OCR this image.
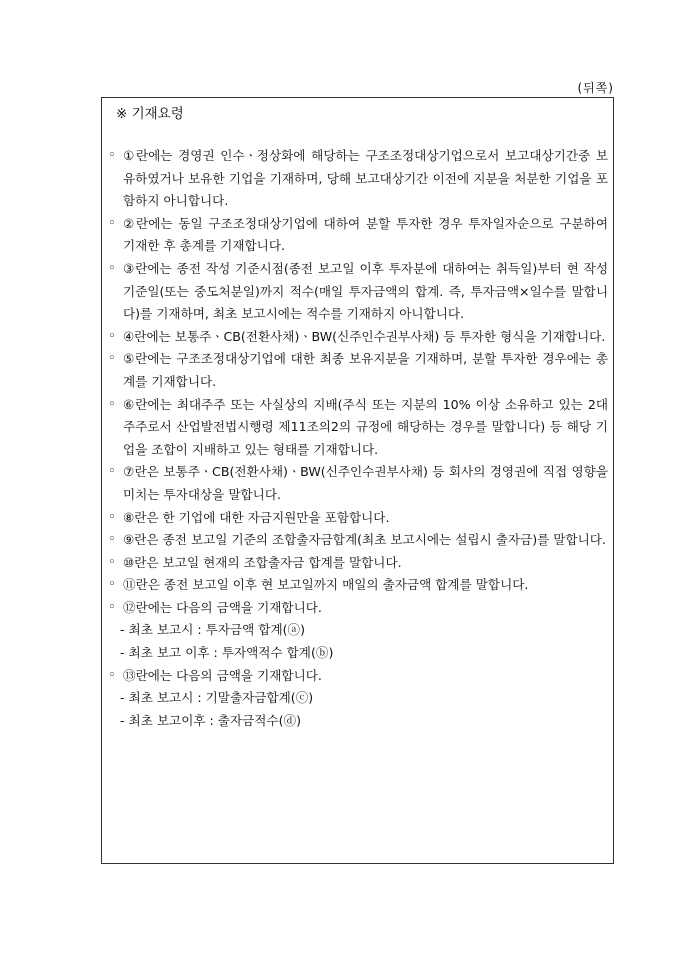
(뒤쪽)
※ 기재요령
◦ ①란에는 경영권 인수ㆍ정상화에 해당하는 구조조정대상기업으로서 보고대상기간중 보유하였거나 보유한 기업을 기재하며, 당해 보고대상기간 이전에 지분을 처분한 기업을 포함하지 아니합니다.
◦ ②란에는 동일 구조조정대상기업에 대하여 분할 투자한 경우 투자일자순으로 구분하여 기재한 후 총계를 기재합니다.
◦ ③란에는 종전 작성 기준시점(종전 보고일 이후 투자분에 대하여는 취득일)부터 현 작성기준일(또는 중도처분일)까지 적수(매일 투자금액의 합계. 즉, 투자금액×일수를 말합니다)를 기재하며, 최초 보고시에는 적수를 기재하지 아니합니다.
◦ ④란에는 보통주ㆍCB(전환사채)ㆍBW(신주인수권부사채) 등 투자한 형식을 기재합니다.
◦ ⑤란에는 구조조정대상기업에 대한 최종 보유지분을 기재하며, 분할 투자한 경우에는 총계를 기재합니다.
◦ ⑥란에는 최대주주 또는 사실상의 지배(주식 또는 지분의 10% 이상 소유하고 있는 2대주주로서 산업발전법시행령 제11조의2의 규정에 해당하는 경우를 말합니다) 등 해당 기업을 조합이 지배하고 있는 형태를 기재합니다.
◦ ⑦란은 보통주ㆍCB(전환사채)ㆍBW(신주인수권부사채) 등 회사의 경영권에 직접 영향을 미치는 투자대상을 말합니다.
◦ ⑧란은 한 기업에 대한 자금지원만을 포함합니다.
◦ ⑨란은 종전 보고일 기준의 조합출자금합계(최초 보고시에는 설립시 출자금)를 말합니다.
◦ ⑩란은 보고일 현재의 조합출자금 합계를 말합니다.
◦ ⑪란은 종전 보고일 이후 현 보고일까지 매일의 출자금액 합계를 말합니다.
◦ ⑫란에는 다음의 금액을 기재합니다.
- 최초 보고시 : 투자금액 합계(ⓐ)
- 최초 보고 이후 : 투자액적수 합계(ⓑ)
◦ ⑬란에는 다음의 금액을 기재합니다.
- 최초 보고시 : 기말출자금합계(ⓒ)
- 최초 보고이후 : 출자금적수(ⓓ)
